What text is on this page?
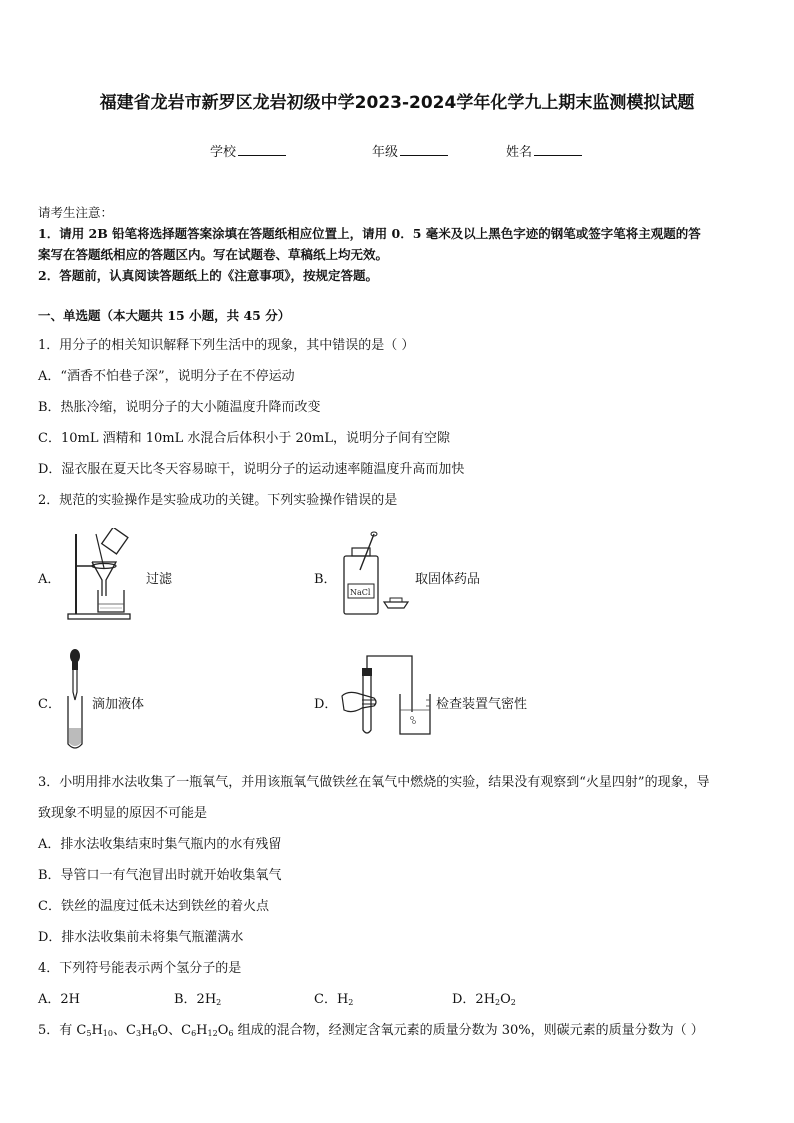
福建省龙岩市新罗区龙岩初级中学2023-2024学年化学九上期末监测模拟试题
学校	年级	姓名
请考生注意：
1．请用 2B 铅笔将选择题答案涂填在答题纸相应位置上，请用 0．5 毫米及以上黑色字迹的钢笔或签字笔将主观题的答
案写在答题纸相应的答题区内。写在试题卷、草稿纸上均无效。
2．答题前，认真阅读答题纸上的《注意事项》，按规定答题。
一、单选题（本大题共 15 小题，共 45 分）
1．用分子的相关知识解释下列生活中的现象，其中错误的是（ ）
A．“酒香不怕巷子深”，说明分子在不停运动
B．热胀冷缩，说明分子的大小随温度升降而改变
C．10mL 酒精和 10mL 水混合后体积小于 20mL，说明分子间有空隙
D．湿衣服在夏天比冬天容易晾干，说明分子的运动速率随温度升高而加快
2．规范的实验操作是实验成功的关键。下列实验操作错误的是
A．	过滤	B．
NaCl
取固体药品
C． 滴加液体	D．	检查装置气密性
3．小明用排水法收集了一瓶氧气，并用该瓶氧气做铁丝在氧气中燃烧的实验，结果没有观察到“火星四射”的现象，导
致现象不明显的原因不可能是
A．排水法收集结束时集气瓶内的水有残留
B．导管口一有气泡冒出时就开始收集氧气
C．铁丝的温度过低未达到铁丝的着火点
D．排水法收集前未将集气瓶灌满水
4．下列符号能表示两个氢分子的是
A．2H	B．$2H_2$	C．$H_2$	D．$2H_2O_2$
5．有 $C_5H_{10}$、$C_3H_6O$、$C_6H_{12}O_6$ 组成的混合物，经测定含氧元素的质量分数为 30%，则碳元素的质量分数为（ ）
